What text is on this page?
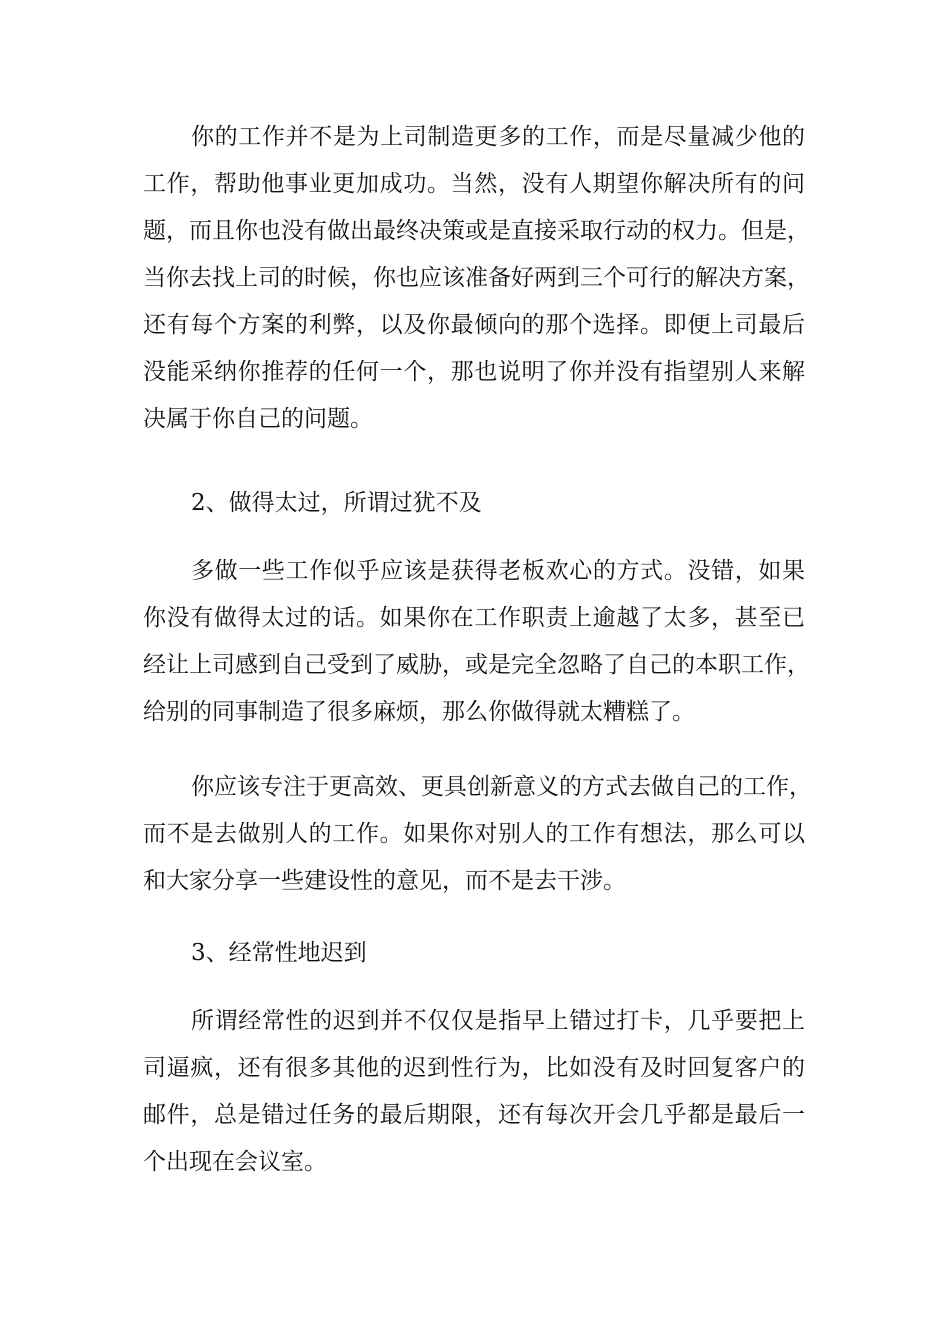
你的工作并不是为上司制造更多的工作，而是尽量减少他的
工作，帮助他事业更加成功。当然，没有人期望你解决所有的问
题，而且你也没有做出最终决策或是直接采取行动的权力。但是，
当你去找上司的时候，你也应该准备好两到三个可行的解决方案，
还有每个方案的利弊，以及你最倾向的那个选择。即便上司最后
没能采纳你推荐的任何一个，那也说明了你并没有指望别人来解
决属于你自己的问题。
2、做得太过，所谓过犹不及
多做一些工作似乎应该是获得老板欢心的方式。没错，如果
你没有做得太过的话。如果你在工作职责上逾越了太多，甚至已
经让上司感到自己受到了威胁，或是完全忽略了自己的本职工作，
给别的同事制造了很多麻烦，那么你做得就太糟糕了。
你应该专注于更高效、更具创新意义的方式去做自己的工作，
而不是去做别人的工作。如果你对别人的工作有想法，那么可以
和大家分享一些建设性的意见，而不是去干涉。
3、经常性地迟到
所谓经常性的迟到并不仅仅是指早上错过打卡，几乎要把上
司逼疯，还有很多其他的迟到性行为，比如没有及时回复客户的
邮件，总是错过任务的最后期限，还有每次开会几乎都是最后一
个出现在会议室。
